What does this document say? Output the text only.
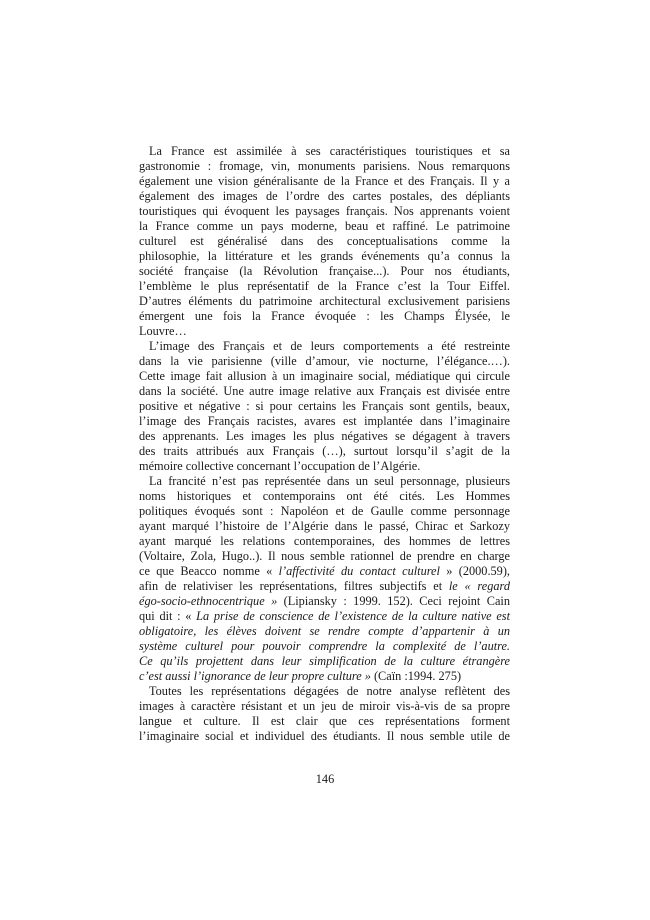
La France est assimilée à ses caractéristiques touristiques et sa
gastronomie : fromage, vin, monuments parisiens. Nous remarquons
également une vision généralisante de la France et des Français. Il y a
également des images de l’ordre des cartes postales, des dépliants
touristiques qui évoquent les paysages français. Nos apprenants voient
la France comme un pays moderne, beau et raffiné. Le patrimoine
culturel est généralisé dans des conceptualisations comme la
philosophie, la littérature et les grands événements qu’a connus la
société française (la Révolution française...). Pour nos étudiants,
l’emblème le plus représentatif de la France c’est la Tour Eiffel.
D’autres éléments du patrimoine architectural exclusivement parisiens
émergent une fois la France évoquée : les Champs Élysée, le
Louvre…
L’image des Français et de leurs comportements a été restreinte
dans la vie parisienne (ville d’amour, vie nocturne, l’élégance.…).
Cette image fait allusion à un imaginaire social, médiatique qui circule
dans la société. Une autre image relative aux Français est divisée entre
positive et négative : si pour certains les Français sont gentils, beaux,
l’image des Français racistes, avares est implantée dans l’imaginaire
des apprenants. Les images les plus négatives se dégagent à travers
des traits attribués aux Français (…), surtout lorsqu’il s’agit de la
mémoire collective concernant l’occupation de l’Algérie.
La francité n’est pas représentée dans un seul personnage, plusieurs
noms historiques et contemporains ont été cités. Les Hommes
politiques évoqués sont : Napoléon et de Gaulle comme personnage
ayant marqué l’histoire de l’Algérie dans le passé, Chirac et Sarkozy
ayant marqué les relations contemporaines, des hommes de lettres
(Voltaire, Zola, Hugo..). Il nous semble rationnel de prendre en charge
ce que Beacco nomme « l’affectivité du contact culturel » (2000.59),
afin de relativiser les représentations, filtres subjectifs et le « regard
égo-socio-ethnocentrique » (Lipiansky : 1999. 152). Ceci rejoint Cain
qui dit : « La prise de conscience de l’existence de la culture native est
obligatoire, les élèves doivent se rendre compte d’appartenir à un
système culturel pour pouvoir comprendre la complexité de l’autre.
Ce qu’ils projettent dans leur simplification de la culture étrangère
c’est aussi l’ignorance de leur propre culture » (Caïn :1994. 275)
Toutes les représentations dégagées de notre analyse reflètent des
images à caractère résistant et un jeu de miroir vis-à-vis de sa propre
langue et culture. Il est clair que ces représentations forment
l’imaginaire social et individuel des étudiants. Il nous semble utile de
146
